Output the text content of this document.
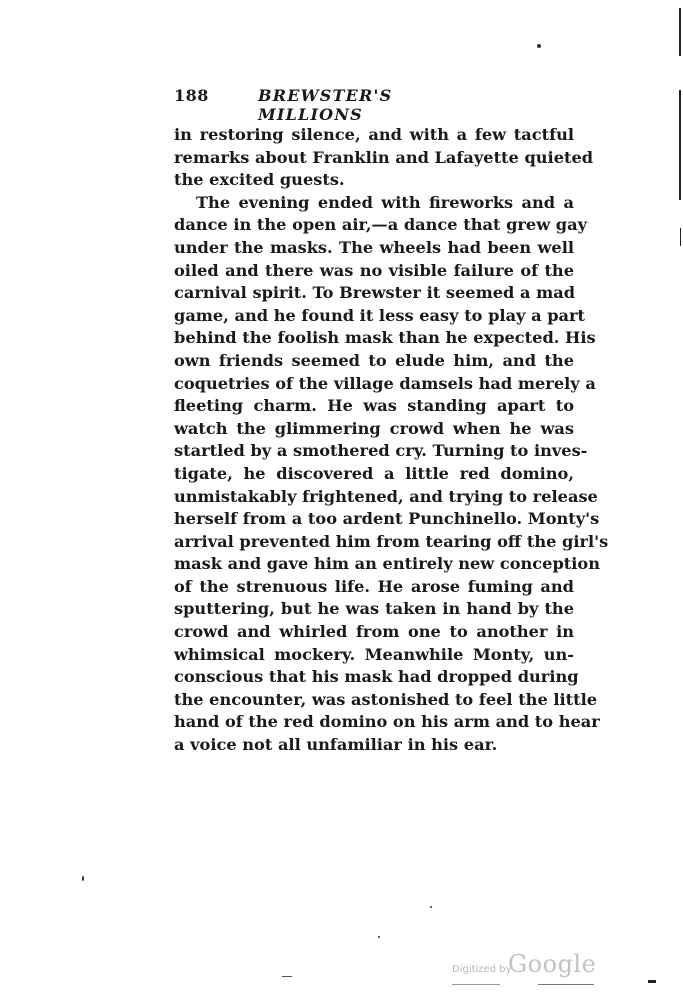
188	BREWSTER'S MILLIONS
in restoring silence, and with a few tactful
remarks about Franklin and Lafayette quieted
the excited guests.
The evening ended with fireworks and a
dance in the open air,—a dance that grew gay
under the masks. The wheels had been well
oiled and there was no visible failure of the
carnival spirit. To Brewster it seemed a mad
game, and he found it less easy to play a part
behind the foolish mask than he expected. His
own friends seemed to elude him, and the
coquetries of the village damsels had merely a
fleeting charm. He was standing apart to
watch the glimmering crowd when he was
startled by a smothered cry. Turning to inves-
tigate, he discovered a little red domino,
unmistakably frightened, and trying to release
herself from a too ardent Punchinello. Monty's
arrival prevented him from tearing off the girl's
mask and gave him an entirely new conception
of the strenuous life. He arose fuming and
sputtering, but he was taken in hand by the
crowd and whirled from one to another in
whimsical mockery. Meanwhile Monty, un-
conscious that his mask had dropped during
the encounter, was astonished to feel the little
hand of the red domino on his arm and to hear
a voice not all unfamiliar in his ear.
Digitized by
Google
